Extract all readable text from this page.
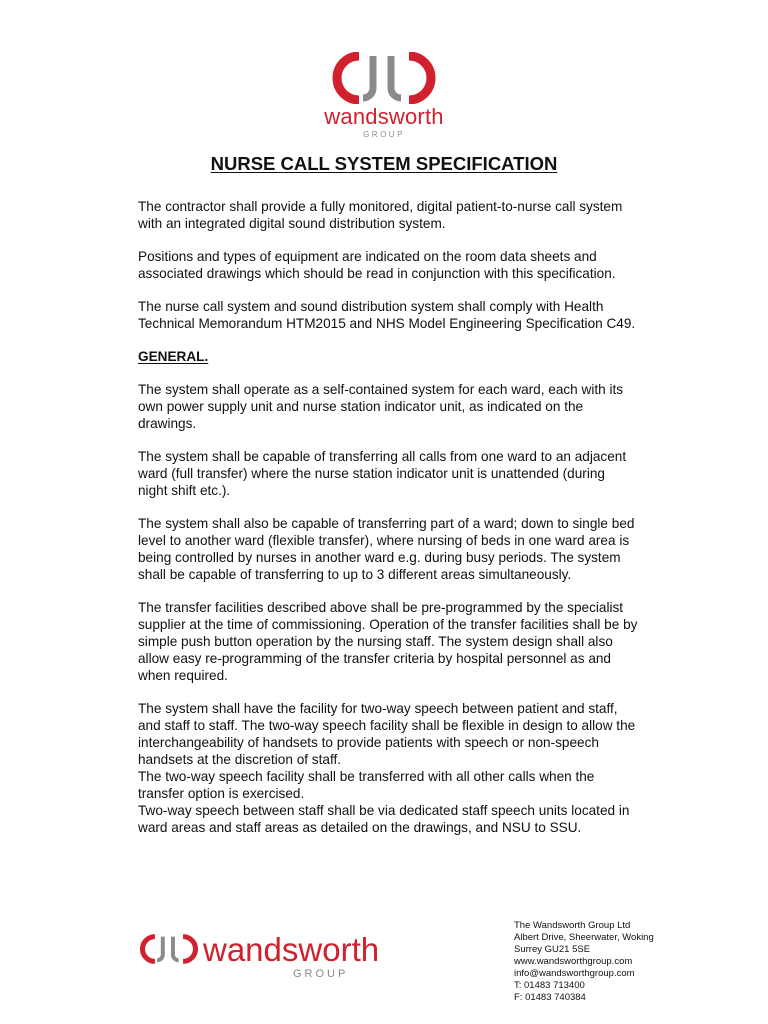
wandsworth
GROUP
NURSE CALL SYSTEM SPECIFICATION

The contractor shall provide a fully monitored, digital patient-to-nurse call system with an integrated digital sound distribution system.

Positions and types of equipment are indicated on the room data sheets and associated drawings which should be read in conjunction with this specification.

The nurse call system and sound distribution system shall comply with Health Technical Memorandum HTM2015 and NHS Model Engineering Specification C49.

GENERAL.

The system shall operate as a self-contained system for each ward, each with its own power supply unit and nurse station indicator unit, as indicated on the drawings.

The system shall be capable of transferring all calls from one ward to an adjacent ward (full transfer) where the nurse station indicator unit is unattended (during night shift etc.).

The system shall also be capable of transferring part of a ward; down to single bed level to another ward (flexible transfer), where nursing of beds in one ward area is being controlled by nurses in another ward e.g. during busy periods. The system shall be capable of transferring to up to 3 different areas simultaneously.

The transfer facilities described above shall be pre-programmed by the specialist supplier at the time of commissioning. Operation of the transfer facilities shall be by simple push button operation by the nursing staff. The system design shall also allow easy re-programming of the transfer criteria by hospital personnel as and when required.

The system shall have the facility for two-way speech between patient and staff, and staff to staff. The two-way speech facility shall be flexible in design to allow the interchangeability of handsets to provide patients with speech or non-speech handsets at the discretion of staff.

The two-way speech facility shall be transferred with all other calls when the transfer option is exercised.

Two-way speech between staff shall be via dedicated staff speech units located in ward areas and staff areas as detailed on the drawings, and NSU to SSU.

wandsworth
GROUP
The Wandsworth Group Ltd
Albert Drive, Sheerwater, Woking
Surrey GU21 5SE
www.wandsworthgroup.com
info@wandsworthgroup.com
T: 01483 713400
F: 01483 740384
